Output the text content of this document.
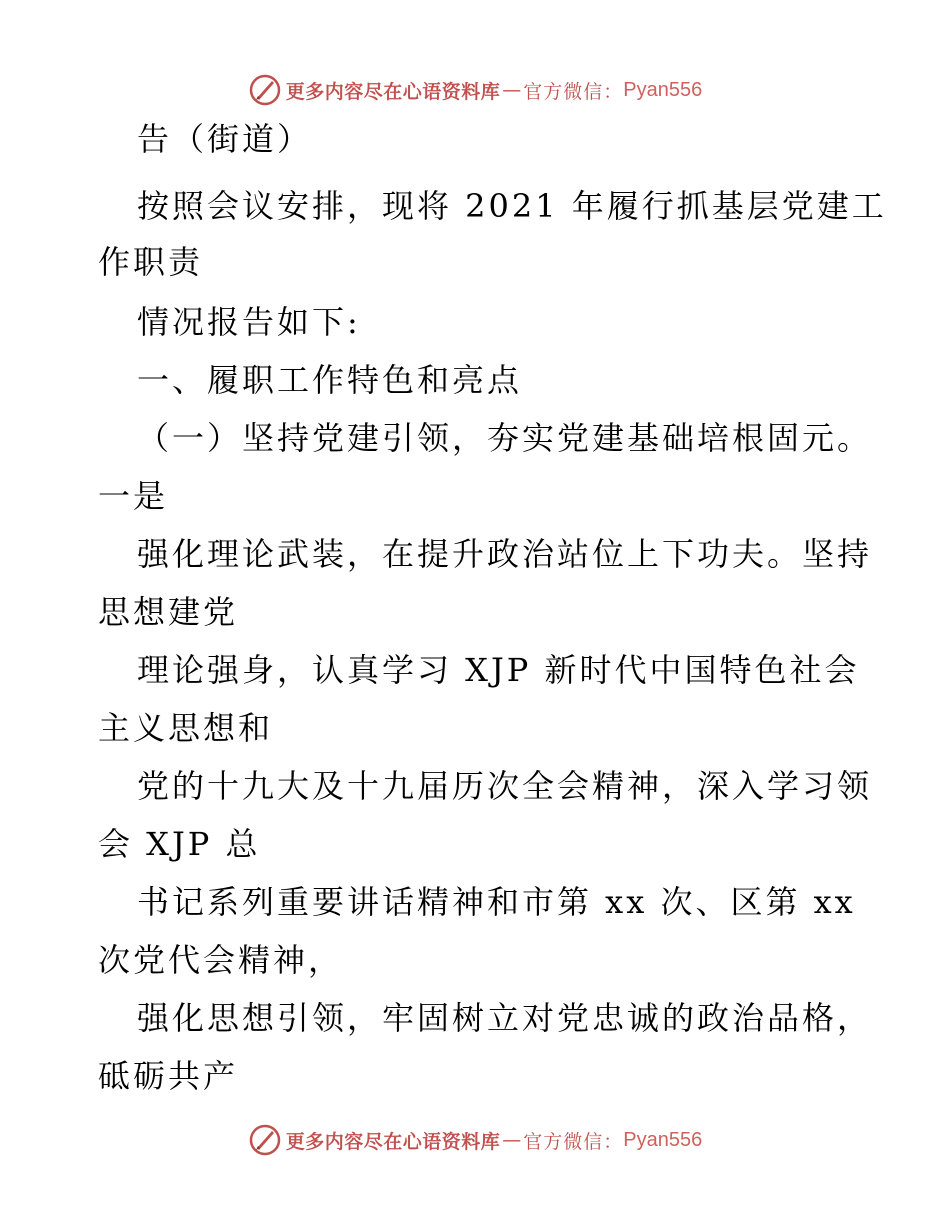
更多内容尽在心语资料库 — 官方微信： Pyan556
告（街道）
按照会议安排，现将 2021 年履行抓基层党建工
作职责
情况报告如下:
一、履职工作特色和亮点
（一）坚持党建引领，夯实党建基础培根固元。
一是
强化理论武装，在提升政治站位上下功夫。坚持
思想建党
理论强身，认真学习 XJP 新时代中国特色社会
主义思想和
党的十九大及十九届历次全会精神，深入学习领
会 XJP 总
书记系列重要讲话精神和市第 xx 次、区第 xx
次党代会精神，
强化思想引领，牢固树立对党忠诚的政治品格，
砥砺共产
更多内容尽在心语资料库 — 官方微信： Pyan556
